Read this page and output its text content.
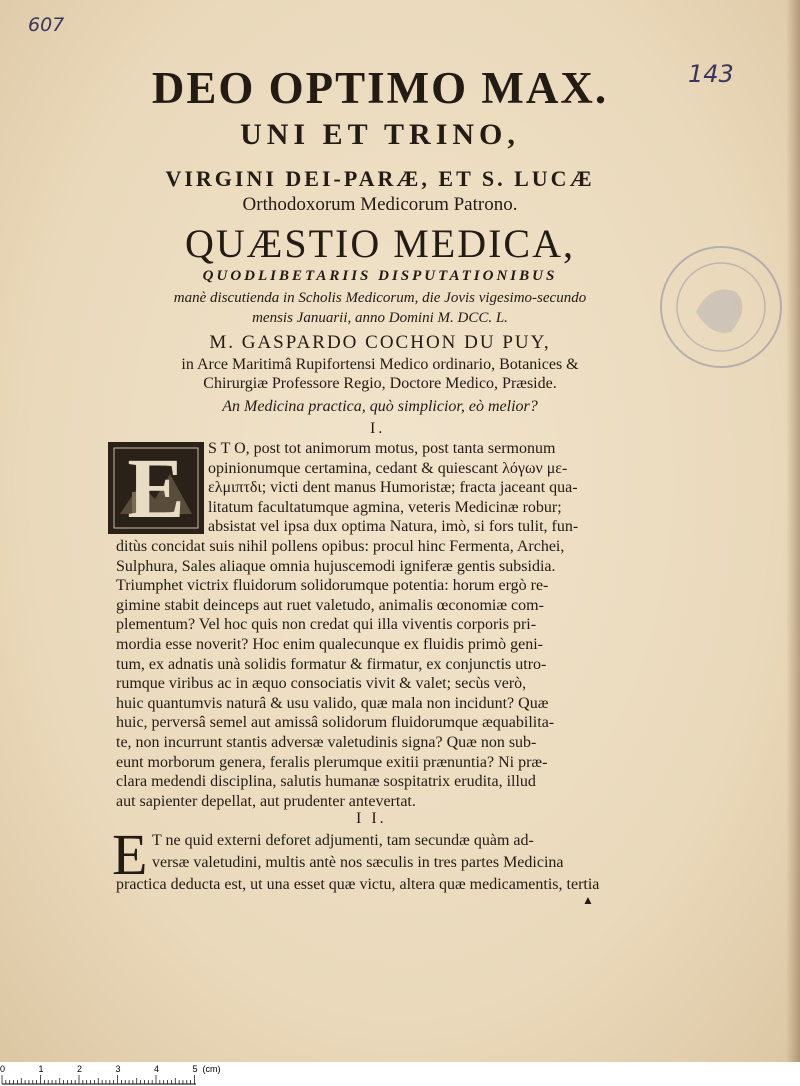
607
143
DEO OPTIMO MAX.
UNI ET TRINO,
VIRGINI DEI-PARÆ, ET S. LUCÆ
Orthodoxorum Medicorum Patrono.
QUÆSTIO MEDICA,
QUODLIBETARIIS DISPUTATIONIBUS
manè discutienda in Scholis Medicorum, die Jovis vigesimo-secundo
mensis Januarii, anno Domini M. DCC. L.
M. GASPARDO COCHON DU PUY,
in Arce Maritimâ Rupifortensi Medico ordinario, Botanices &
Chirurgiæ Professore Regio, Doctore Medico, Præside.
An Medicina practica, quò simplicior, eò melior?
I.
E	S T O, post tot animorum motus, post tanta sermonum
opinionumque certamina, cedant & quiescant λόγων με-
ελμιπτδι; victi dent manus Humoristæ; fracta jaceant qua-
litatum facultatumque agmina, veteris Medicinæ robur;
absistat vel ipsa dux optima Natura, imò, si fors tulit, fun-
ditùs concidat suis nihil pollens opibus: procul hinc Fermenta, Archei,
Sulphura, Sales aliaque omnia hujuscemodi igniferæ gentis subsidia.
Triumphet victrix fluidorum solidorumque potentia: horum ergò re-
gimine stabit deinceps aut ruet valetudo, animalis œconomiæ com-
plementum? Vel hoc quis non credat qui illa viventis corporis pri-
mordia esse noverit? Hoc enim qualecunque ex fluidis primò geni-
tum, ex adnatis unà solidis formatur & firmatur, ex conjunctis utro-
rumque viribus ac in æquo consociatis vivit & valet; secùs verò,
huic quantumvis naturâ & usu valido, quæ mala non incidunt? Quæ
huic, perversâ semel aut amissâ solidorum fluidorumque æquabilita-
te, non incurrunt stantis adversæ valetudinis signa? Quæ non sub-
eunt morborum genera, feralis plerumque exitii prænuntia? Ni præ-
clara medendi disciplina, salutis humanæ sospitatrix erudita, illud
aut sapienter depellat, aut prudenter antevertat.
I I.
E T ne quid externi deforet adjumenti, tam secundæ quàm ad-
versæ valetudini, multis antè nos sæculis in tres partes Medicina
practica deducta est, ut una esset quæ victu, altera quæ medicamentis, tertia
▲
0	1	2	3	4	5 (cm)
